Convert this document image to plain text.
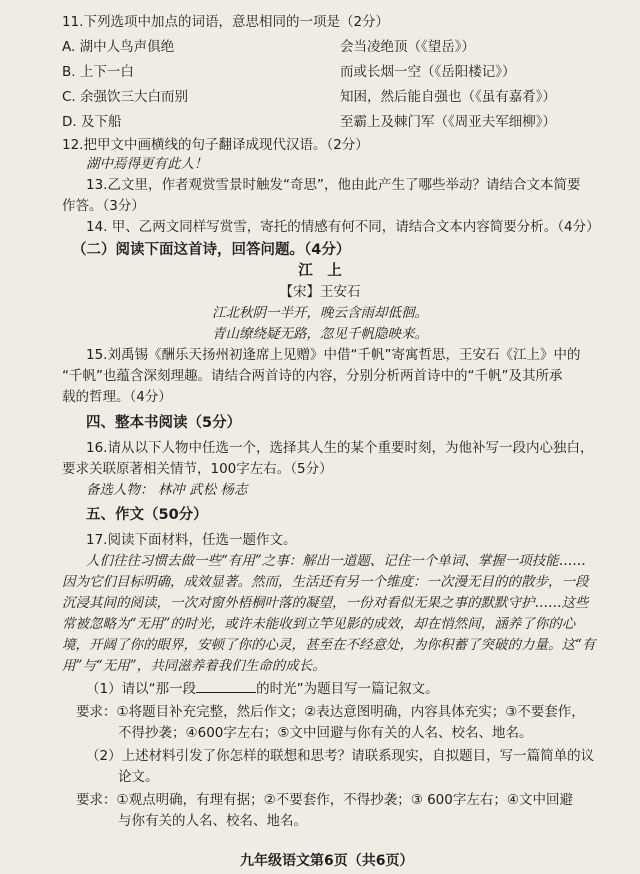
11.下列选项中加点的词语，意思相同的一项是（2分）
A. 湖中人鸟声俱绝	会当凌绝顶（《望岳》）
B. 上下一白	而或长烟一空（《岳阳楼记》）
C. 余强饮三大白而别	知困，然后能自强也（《虽有嘉肴》）
D. 及下船	至霸上及棘门军（《周亚夫军细柳》）
12.把甲文中画横线的句子翻译成现代汉语。（2分）
湖中焉得更有此人！
13.乙文里，作者观赏雪景时触发“奇思”，他由此产生了哪些举动？请结合文本简要
作答。（3分）
14. 甲、乙两文同样写赏雪，寄托的情感有何不同，请结合文本内容简要分析。（4分）
（二）阅读下面这首诗，回答问题。（4分）
江　上
【宋】王安石
江北秋阴一半开，晚云含雨却低徊。
青山缭绕疑无路，忽见千帆隐映来。
15.刘禹锡《酬乐天扬州初逢席上见赠》中借“千帆”寄寓哲思，王安石《江上》中的
“千帆”也蕴含深刻理趣。请结合两首诗的内容，分别分析两首诗中的“千帆”及其所承
载的哲理。（4分）
四、整本书阅读（5分）
16.请从以下人物中任选一个，选择其人生的某个重要时刻，为他补写一段内心独白，
要求关联原著相关情节，100字左右。（5分）
备选人物： 林冲 武松 杨志
五、作文（50分）
17.阅读下面材料，任选一题作文。
人们往往习惯去做一些“有用”之事：解出一道题、记住一个单词、掌握一项技能……
因为它们目标明确，成效显著。然而，生活还有另一个维度：一次漫无目的的散步，一段
沉浸其间的阅读，一次对窗外梧桐叶落的凝望，一份对看似无果之事的默默守护……这些
常被忽略为“无用”的时光，或许未能收到立竿见影的成效，却在悄然间，涵养了你的心
境，开阔了你的眼界，安顿了你的心灵，甚至在不经意处，为你积蓄了突破的力量。这“有
用”与“无用”，共同滋养着我们生命的成长。
（1）请以“那一段	的时光”为题目写一篇记叙文。
要求：①将题目补充完整，然后作文；②表达意图明确，内容具体充实；③不要套作，
不得抄袭；④600字左右；⑤文中回避与你有关的人名、校名、地名。
（2）上述材料引发了你怎样的联想和思考？请联系现实，自拟题目，写一篇简单的议
论文。
要求：①观点明确，有理有据；②不要套作，不得抄袭；③ 600字左右；④文中回避
与你有关的人名、校名、地名。
九年级语文第6页（共6页）
